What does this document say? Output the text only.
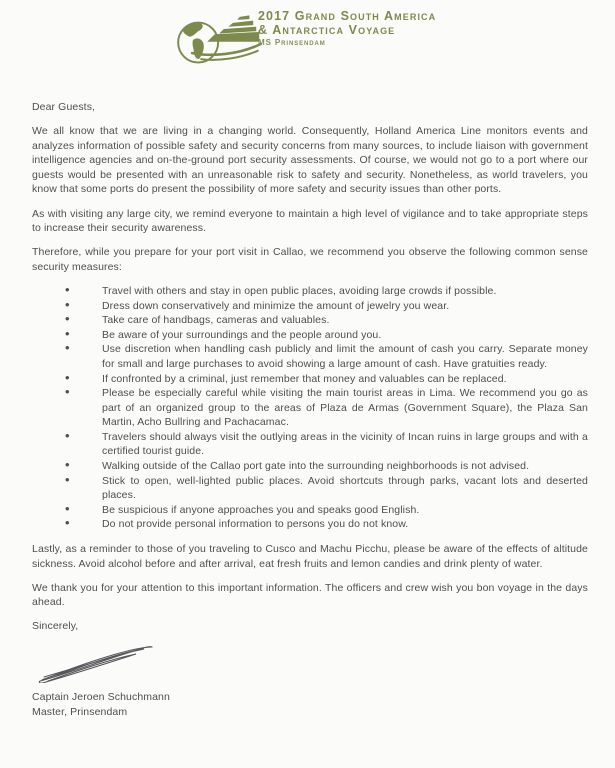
2017 Grand South America
& Antarctica Voyage
MS Prinsendam

Dear Guests,

We all know that we are living in a changing world. Consequently, Holland America Line monitors events and analyzes information of possible safety and security concerns from many sources, to include liaison with government intelligence agencies and on-the-ground port security assessments. Of course, we would not go to a port where our guests would be presented with an unreasonable risk to safety and security. Nonetheless, as world travelers, you know that some ports do present the possibility of more safety and security issues than other ports.

As with visiting any large city, we remind everyone to maintain a high level of vigilance and to take appropriate steps to increase their security awareness.

Therefore, while you prepare for your port visit in Callao, we recommend you observe the following common sense security measures:

• Travel with others and stay in open public places, avoiding large crowds if possible.
• Dress down conservatively and minimize the amount of jewelry you wear.
• Take care of handbags, cameras and valuables.
• Be aware of your surroundings and the people around you.
• Use discretion when handling cash publicly and limit the amount of cash you carry. Separate money for small and large purchases to avoid showing a large amount of cash. Have gratuities ready.
• If confronted by a criminal, just remember that money and valuables can be replaced.
• Please be especially careful while visiting the main tourist areas in Lima. We recommend you go as part of an organized group to the areas of Plaza de Armas (Government Square), the Plaza San Martin, Acho Bullring and Pachacamac.
• Travelers should always visit the outlying areas in the vicinity of Incan ruins in large groups and with a certified tourist guide.
• Walking outside of the Callao port gate into the surrounding neighborhoods is not advised.
• Stick to open, well-lighted public places. Avoid shortcuts through parks, vacant lots and deserted places.
• Be suspicious if anyone approaches you and speaks good English.
• Do not provide personal information to persons you do not know.

Lastly, as a reminder to those of you traveling to Cusco and Machu Picchu, please be aware of the effects of altitude sickness. Avoid alcohol before and after arrival, eat fresh fruits and lemon candies and drink plenty of water.

We thank you for your attention to this important information. The officers and crew wish you bon voyage in the days ahead.

Sincerely,

Captain Jeroen Schuchmann

Master, Prinsendam
